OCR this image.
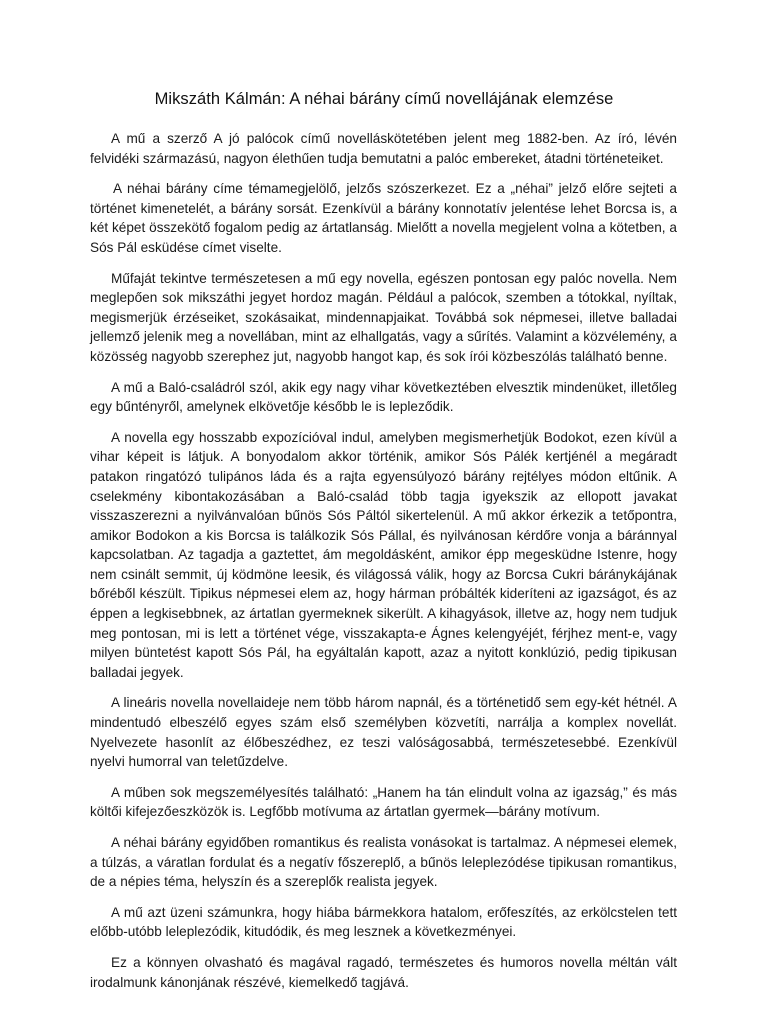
Mikszáth Kálmán: A néhai bárány című novellájának elemzése

A mű a szerző A jó palócok című novelláskötetében jelent meg 1882-ben. Az író, lévén felvidéki származású, nagyon élethűen tudja bemutatni a palóc embereket, átadni történeteiket.

A néhai bárány címe témamegjelölő, jelzős szószerkezet. Ez a „néhai” jelző előre sejteti a történet kimenetelét, a bárány sorsát. Ezenkívül a bárány konnotatív jelentése lehet Borcsa is, a két képet összekötő fogalom pedig az ártatlanság. Mielőtt a novella megjelent volna a kötetben, a Sós Pál esküdése címet viselte.

Műfaját tekintve természetesen a mű egy novella, egészen pontosan egy palóc novella. Nem meglepően sok mikszáthi jegyet hordoz magán. Például a palócok, szemben a tótokkal, nyíltak, megismerjük érzéseiket, szokásaikat, mindennapjaikat. Továbbá sok népmesei, illetve balladai jellemző jelenik meg a novellában, mint az elhallgatás, vagy a sűrítés. Valamint a közvélemény, a közösség nagyobb szerephez jut, nagyobb hangot kap, és sok írói közbeszólás található benne.

A mű a Baló-családról szól, akik egy nagy vihar következtében elvesztik mindenüket, illetőleg egy bűntényről, amelynek elkövetője később le is lepleződik.

A novella egy hosszabb expozícióval indul, amelyben megismerhetjük Bodokot, ezen kívül a vihar képeit is látjuk. A bonyodalom akkor történik, amikor Sós Pálék kertjénél a megáradt patakon ringatózó tulipános láda és a rajta egyensúlyozó bárány rejtélyes módon eltűnik. A cselekmény kibontakozásában a Baló-család több tagja igyekszik az ellopott javakat visszaszerezni a nyilvánvalóan bűnös Sós Páltól sikertelenül. A mű akkor érkezik a tetőpontra, amikor Bodokon a kis Borcsa is találkozik Sós Pállal, és nyilvánosan kérdőre vonja a báránnyal kapcsolatban. Az tagadja a gaztettet, ám megoldásként, amikor épp megesküdne Istenre, hogy nem csinált semmit, új ködmöne leesik, és világossá válik, hogy az Borcsa Cukri báránykájának bőréből készült. Tipikus népmesei elem az, hogy hárman próbálték kideríteni az igazságot, és az éppen a legkisebbnek, az ártatlan gyermeknek sikerült. A kihagyások, illetve az, hogy nem tudjuk meg pontosan, mi is lett a történet vége, visszakapta-e Ágnes kelengyéjét, férjhez ment-e, vagy milyen büntetést kapott Sós Pál, ha egyáltalán kapott, azaz a nyitott konklúzió, pedig tipikusan balladai jegyek.

A lineáris novella novellaideje nem több három napnál, és a történetidő sem egy-két hétnél. A mindentudó elbeszélő egyes szám első személyben közvetíti, narrálja a komplex novellát. Nyelvezete hasonlít az élőbeszédhez, ez teszi valóságosabbá, természetesebbé. Ezenkívül nyelvi humorral van teletűzdelve.

A műben sok megszemélyesítés található: „Hanem ha tán elindult volna az igazság,” és más költői kifejezőeszközök is. Legfőbb motívuma az ártatlan gyermek—bárány motívum.

A néhai bárány egyidőben romantikus és realista vonásokat is tartalmaz. A népmesei elemek, a túlzás, a váratlan fordulat és a negatív főszereplő, a bűnös leleplezódése tipikusan romantikus, de a népies téma, helyszín és a szereplők realista jegyek.

A mű azt üzeni számunkra, hogy hiába bármekkora hatalom, erőfeszítés, az erkölcstelen tett előbb-utóbb leleplezódik, kitudódik, és meg lesznek a következményei.

Ez a könnyen olvasható és magával ragadó, természetes és humoros novella méltán vált irodalmunk kánonjának részévé, kiemelkedő tagjává.
